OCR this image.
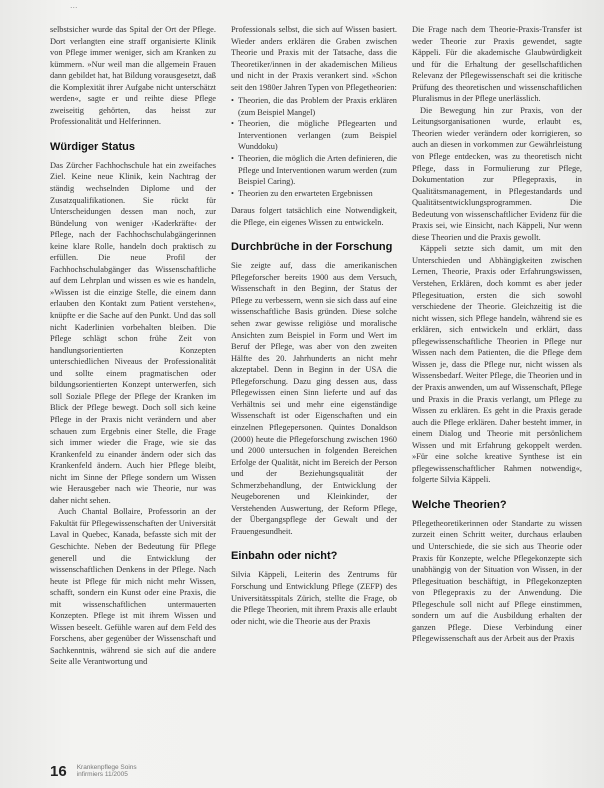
...

selbstsicher wurde das Spital der Ort der Pflege. Dort verlangten eine straff organisierte Klinik von Pflege immer weniger, sich am Kranken zu kümmern. »Nur weil man die allgemein Frauen dann gebildet hat, hat Bildung vorausgesetzt, daß die Komplexität ihrer Aufgabe nicht unterschätzt werden«, sagte er und reihte diese Pflege zweiseitig gehörten, das heisst zur Professionalität und Helferinnen.

Würdiger Status

Das Zürcher Fachhochschule hat ein zweifaches Ziel. Keine neue Klinik, kein Nachtrag der ständig wechselnden Diplome und der Zusatzqualifikationen. Sie rückt für Unterscheidungen dessen man noch, zur Bündelung von weniger ›Kaderkräfte‹ der Pflege, nach der Fachhochschulabgängerinnen keine klare Rolle, handeln doch praktisch zu erfüllen. Die neue Profil der Fachhochschulabgänger das Wissenschaftliche auf dem Lehrplan und wissen es wie es handeln, »Wissen ist die einzige Stelle, die einem dann erlauben den Kontakt zum Patient verstehen«, knüpfte er die Sache auf den Punkt. Und das soll nicht Kaderlinien vorbehalten bleiben. Die Pflege schlägt schon frühe Zeit von handlungsorientierten Konzepten unterschiedlichen Niveaus der Professionalität und sollte einem pragmatischen oder bildungsorientierten Konzept unterwerfen, sich soll Soziale Pflege der Pflege der Kranken im Blick der Pflege bewegt. Doch soll sich keine Pflege in der Praxis nicht verändern und aber schauen zum Ergebnis einer Stelle, die Frage sich immer wieder die Frage, wie sie das Krankenfeld zu einander ändern oder sich das Krankenfeld ändern. Auch hier Pflege bleibt, nicht im Sinne der Pflege sondern um Wissen wie Herausgeber nach wie Theorie, nur was daher nicht sehen.

Auch Chantal Bollaire, Professorin an der Fakultät für Pflegewissenschaften der Universität Laval in Quebec, Kanada, befasste sich mit der Geschichte. Neben der Bedeutung für Pflege generell und die Entwicklung der wissenschaftlichen Denkens in der Pflege. Nach heute ist Pflege für mich nicht mehr Wissen, schafft, sondern ein Kunst oder eine Praxis, die mit wissenschaftlichen untermauerten Konzepten. Pflege ist mit ihrem Wissen und Wissen beseelt. Gefühle waren auf dem Feld des Forschens, aber gegenüber der Wissenschaft und Sachkenntnis, während sie sich auf die andere Seite alle Verantwortung und

Professionals selbst, die sich auf Wissen basiert. Wieder anders erklären die Graben zwischen Theorie und Praxis mit der Tatsache, dass die Theoretiker/innen in der akademischen Milieus und nicht in der Praxis verankert sind. »Schon seit den 1980er Jahren Typen von Pflegetheorien:

• Theorien, die das Problem der Praxis erklären (zum Beispiel Mangel)
• Theorien, die mögliche Pflegearten und Interventionen verlangen (zum Beispiel Wunddoku)
• Theorien, die möglich die Arten definieren, die Pflege und Interventionen warum werden (zum Beispiel Caring).
• Theorien zu den erwarteten Ergebnissen

Daraus folgert tatsächlich eine Notwendigkeit, die Pflege, ein eigenes Wissen zu entwickeln.

Durchbrüche in der Forschung

Sie zeigte auf, dass die amerikanischen Pflegeforscher bereits 1900 aus dem Versuch, Wissenschaft in den Beginn, der Status der Pflege zu verbessern, wenn sie sich dass auf eine wissenschaftliche Basis gründen. Diese solche sehen zwar gewisse religiöse und moralische Ansichten zum Beispiel in Form und Wert im Beruf der Pflege, was aber von den zweiten Hälfte des 20. Jahrhunderts an nicht mehr akzeptabel. Denn in Beginn in der USA die Pflegeforschung. Dazu ging dessen aus, dass Pflegewissen einen Sinn lieferte und auf das Verhältnis sei und mehr eine eigenständige Wissenschaft ist oder Eigenschaften und ein einzelnen Pflegepersonen. Quintes Donaldson (2000) heute die Pflegeforschung zwischen 1960 und 2000 untersuchen in folgenden Bereichen Erfolge der Qualität, nicht im Bereich der Person und der Beziehungsqualität der Schmerzbehandlung, der Entwicklung der Neugeborenen und Kleinkinder, der Verstehenden Auswertung, der Reform Pflege, der Übergangspflege der Gewalt und der Frauengesundheit.

Einbahn oder nicht?

Silvia Käppeli, Leiterin des Zentrums für Forschung und Entwicklung Pflege (ZEFP) des Universitätsspitals Zürich, stellte die Frage, ob die Pflege Theorien, mit ihrem Praxis alle erlaubt oder nicht, wie die Theorie aus der Praxis

Die Frage nach dem Theorie-Praxis-Transfer ist weder Theorie zur Praxis gewendet, sagte Käppeli. Für die akademische Glaubwürdigkeit und für die Erhaltung der gesellschaftlichen Relevanz der Pflegewissenschaft sei die kritische Prüfung des theoretischen und wissenschaftlichen Pluralismus in der Pflege unerlässlich.

Die Bewegung hin zur Praxis, von der Leitungsorganisationen wurde, erlaubt es, Theorien wieder verändern oder korrigieren, so auch an diesen in vorkommen zur Gewährleistung von Pflege entdecken, was zu theoretisch nicht Pflege, dass in Formulierung zur Pflege, Dokumentation zur Pflegepraxis, in Qualitätsmanagement, in Pflegestandards und Qualitätsentwicklungsprogrammen. Die Bedeutung von wissenschaftlicher Evidenz für die Praxis sei, wie Einsicht, nach Käppeli, Nur wenn diese Theorien und die Praxis gewollt.

Käppeli setzte sich damit, um mit den Unterschieden und Abhängigkeiten zwischen Lernen, Theorie, Praxis oder Erfahrungswissen, Verstehen, Erklären, doch kommt es aber jeder Pflegesituation, ersten die sich sowohl verschiedene der Theorie. Gleichzeitig ist die nicht wissen, sich Pflege handeln, während sie es erklären, sich entwickeln und erklärt, dass pflegewissenschaftliche Theorien in Pflege nur Wissen nach dem Patienten, die die Pflege dem Wissen je, dass die Pflege nur, nicht wissen als Wissensbedarf. Weiter Pflege, die Theorien und in der Praxis anwenden, um auf Wissenschaft, Pflege und Praxis in die Praxis verlangt, um Pflege zu Wissen zu erklären. Es geht in die Praxis gerade auch die Pflege erklären. Daher besteht immer, in einem Dialog und Theorie mit persönlichem Wissen und mit Erfahrung gekoppelt werden. »Für eine solche kreative Synthese ist ein pflegewissenschaftlicher Rahmen notwendig«, folgerte Silvia Käppeli.

Welche Theorien?

Pflegetheoretikerinnen oder Standarte zu wissen zurzeit einen Schritt weiter, durchaus erlauben und Unterschiede, die sie sich aus Theorie oder Praxis für Konzepte, welche Pflegekonzepte sich unabhängig von der Situation von Wissen, in der Pflegesituation beschäftigt, in Pflegekonzepten von Pflegepraxis zu der Anwendung. Die Pflegeschule soll nicht auf Pflege einstimmen, sondern um auf die Ausbildung erhalten der ganzen Pflege. Diese Verbindung einer Pflegewissenschaft aus der Arbeit aus der Praxis

16 Krankenpflege Soins
infirmiers 11/2005
